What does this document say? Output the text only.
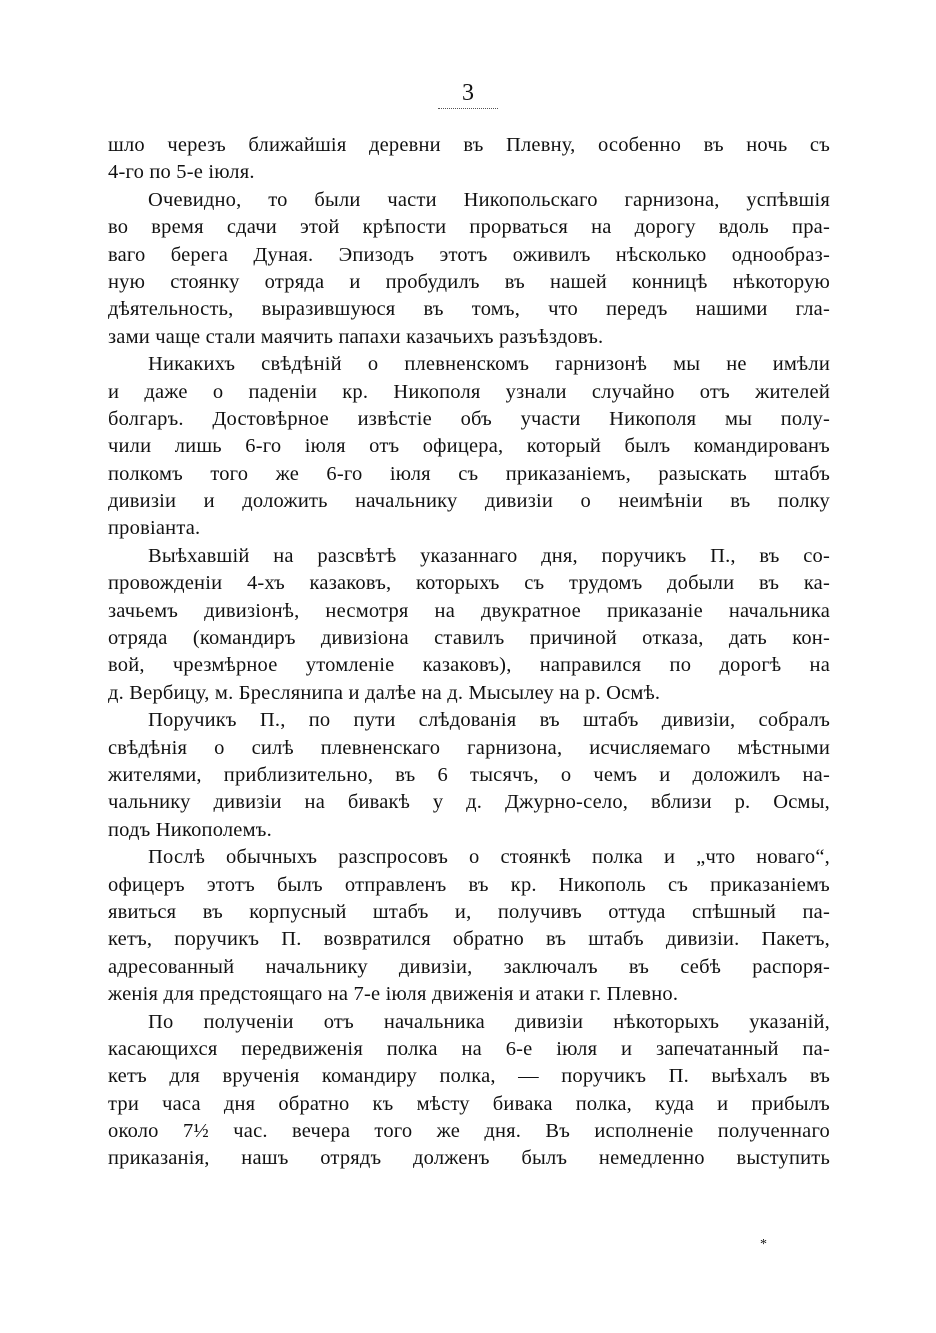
3
шло черезъ ближайшія деревни въ Плевну, особенно въ ночь съ
4-го по 5-е іюля.
Очевидно, то были части Никопольскаго гарнизона, успѣвшія
во время сдачи этой крѣпости прорваться на дорогу вдоль пра-
ваго берега Дуная. Эпизодъ этотъ оживилъ нѣсколько однообраз-
ную стоянку отряда и пробудилъ въ нашей конницѣ нѣкоторую
дѣятельность, выразившуюся въ томъ, что передъ нашими гла-
зами чаще стали маячить папахи казачьихъ разъѣздовъ.
Никакихъ свѣдѣній о плевненскомъ гарнизонѣ мы не имѣли
и даже о паденіи кр. Никополя узнали случайно отъ жителей
болгаръ. Достовѣрное извѣстіе объ участи Никополя мы полу-
чили лишь 6-го іюля отъ офицера, который былъ командированъ
полкомъ того же 6-го іюля съ приказаніемъ, разыскать штабъ
дивизіи и доложить начальнику дивизіи о неимѣніи въ полку
провіанта.
Выѣхавшій на разсвѣтѣ указаннаго дня, поручикъ П., въ со-
провожденіи 4-хъ казаковъ, которыхъ съ трудомъ добыли въ ка-
зачьемъ дивизіонѣ, несмотря на двукратное приказаніе начальника
отряда (командиръ дивизіона ставилъ причиной отказа, дать кон-
вой, чрезмѣрное утомленіе казаковъ), направился по дорогѣ на
д. Вербицу, м. Бреслянипа и далѣе на д. Мысылеу на р. Осмѣ.
Поручикъ П., по пути слѣдованія въ штабъ дивизіи, собралъ
свѣдѣнія о силѣ плевненскаго гарнизона, исчисляемаго мѣстными
жителями, приблизительно, въ 6 тысячъ, о чемъ и доложилъ на-
чальнику дивизіи на бивакѣ у д. Джурно-село, вблизи р. Осмы,
подъ Никополемъ.
Послѣ обычныхъ разспросовъ о стоянкѣ полка и „что новаго“,
офицеръ этотъ былъ отправленъ въ кр. Никополь съ приказаніемъ
явиться въ корпусный штабъ и, получивъ оттуда спѣшный па-
кетъ, поручикъ П. возвратился обратно въ штабъ дивизіи. Пакетъ,
адресованный начальнику дивизіи, заключалъ въ себѣ распоря-
женія для предстоящаго на 7-е іюля движенія и атаки г. Плевно.
По полученіи отъ начальника дивизіи нѣкоторыхъ указаній,
касающихся передвиженія полка на 6-е іюля и запечатанный па-
кетъ для врученія командиру полка, — поручикъ П. выѣхалъ въ
три часа дня обратно къ мѣсту бивака полка, куда и прибылъ
около 7½ час. вечера того же дня. Въ исполненіе полученнаго
приказанія, нашъ отрядъ долженъ былъ немедленно выступить
*
